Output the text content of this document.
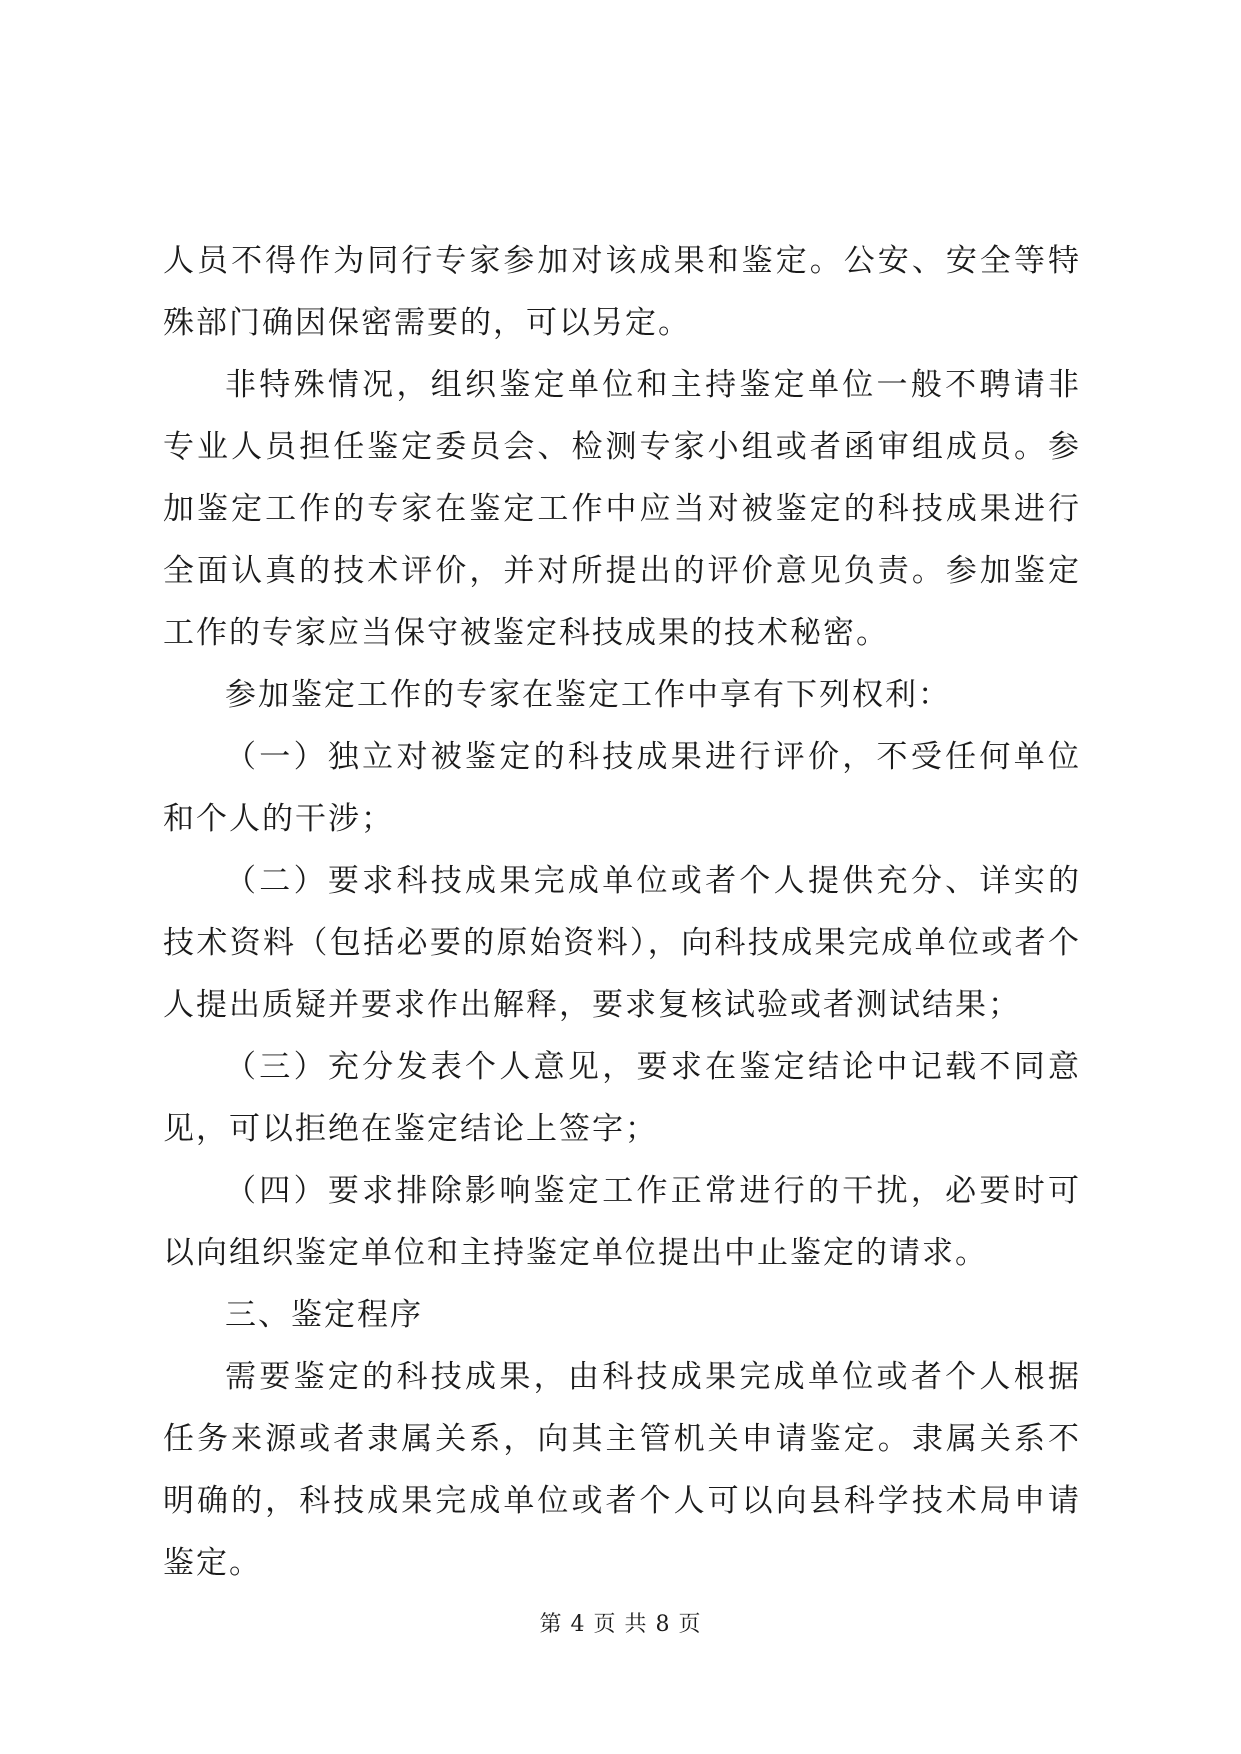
人员不得作为同行专家参加对该成果和鉴定。公安、安全等特殊部门确因保密需要的，可以另定。

非特殊情况，组织鉴定单位和主持鉴定单位一般不聘请非专业人员担任鉴定委员会、检测专家小组或者函审组成员。参加鉴定工作的专家在鉴定工作中应当对被鉴定的科技成果进行全面认真的技术评价，并对所提出的评价意见负责。参加鉴定工作的专家应当保守被鉴定科技成果的技术秘密。

参加鉴定工作的专家在鉴定工作中享有下列权利：

（一）独立对被鉴定的科技成果进行评价，不受任何单位和个人的干涉；

（二）要求科技成果完成单位或者个人提供充分、详实的技术资料（包括必要的原始资料），向科技成果完成单位或者个人提出质疑并要求作出解释，要求复核试验或者测试结果；

（三）充分发表个人意见，要求在鉴定结论中记载不同意见，可以拒绝在鉴定结论上签字；

（四）要求排除影响鉴定工作正常进行的干扰，必要时可以向组织鉴定单位和主持鉴定单位提出中止鉴定的请求。

三、鉴定程序

需要鉴定的科技成果，由科技成果完成单位或者个人根据任务来源或者隶属关系，向其主管机关申请鉴定。隶属关系不明确的，科技成果完成单位或者个人可以向县科学技术局申请鉴定。

第 4 页 共 8 页
